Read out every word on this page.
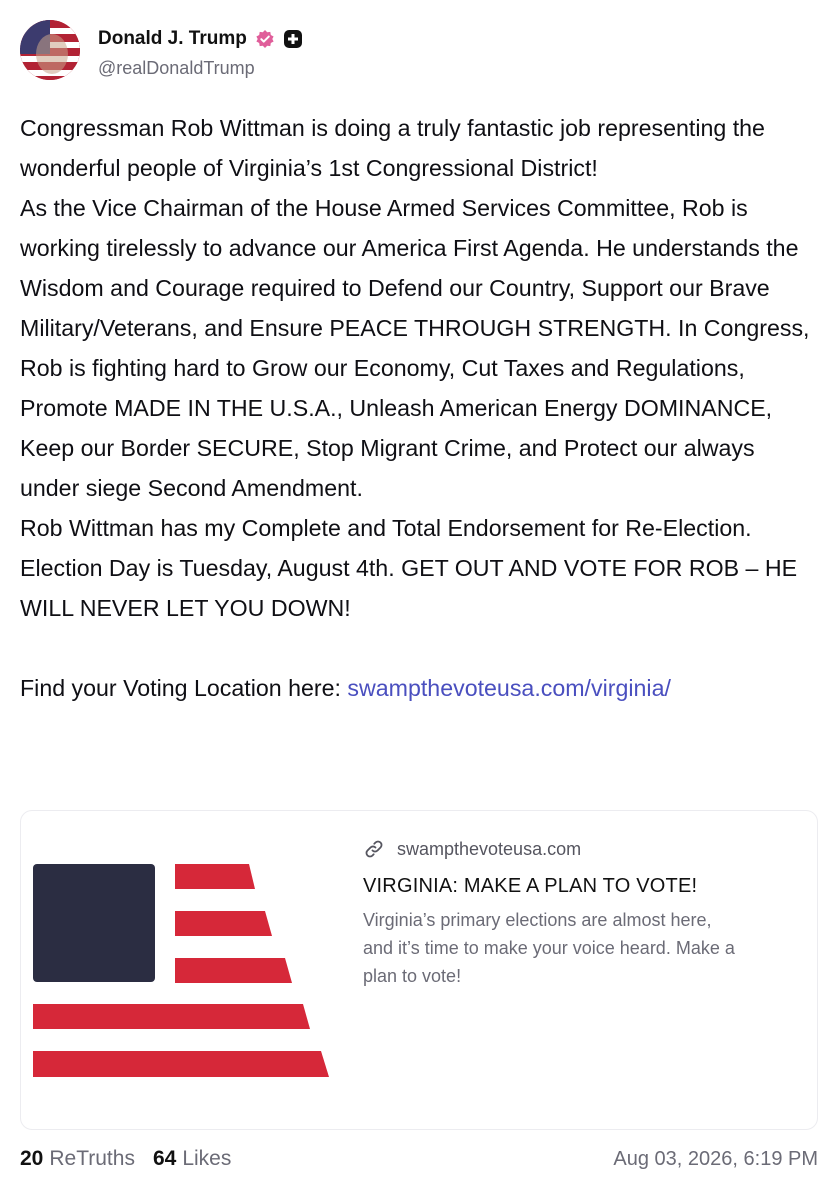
Donald J. Trump
@realDonaldTrump

Congressman Rob Wittman is doing a truly fantastic job representing the wonderful people of Virginia’s 1st Congressional District!

As the Vice Chairman of the House Armed Services Committee, Rob is working tirelessly to advance our America First Agenda. He understands the Wisdom and Courage required to Defend our Country, Support our Brave Military/Veterans, and Ensure PEACE THROUGH STRENGTH. In Congress, Rob is fighting hard to Grow our Economy, Cut Taxes and Regulations, Promote MADE IN THE U.S.A., Unleash American Energy DOMINANCE, Keep our Border SECURE, Stop Migrant Crime, and Protect our always under siege Second Amendment.

Rob Wittman has my Complete and Total Endorsement for Re-Election. Election Day is Tuesday, August 4th. GET OUT AND VOTE FOR ROB – HE WILL NEVER LET YOU DOWN!

Find your Voting Location here: swampthevoteusa.com/virginia/

swampthevoteusa.com
VIRGINIA: MAKE A PLAN TO VOTE!
Virginia’s primary elections are almost here, and it’s time to make your voice heard. Make a plan to vote!
20 ReTruths 64 Likes	Aug 03, 2026, 6:19 PM
